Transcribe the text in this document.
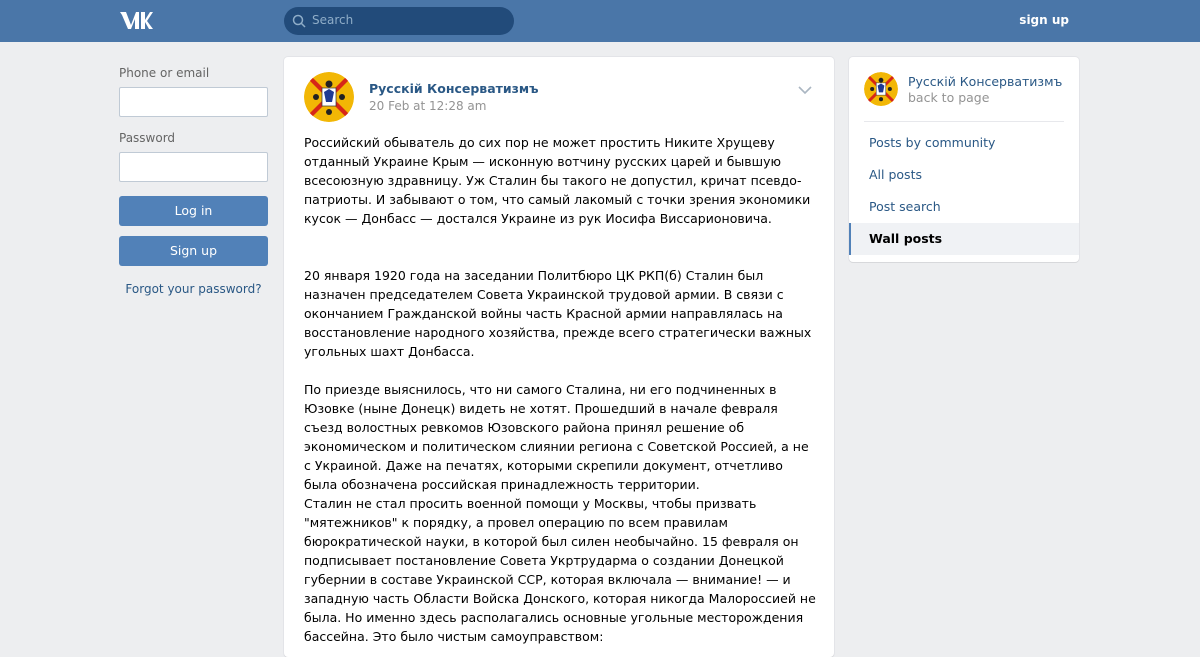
Search	sign up
Phone or email
Password
Log in
Sign up
Forgot your password?
Русскій Консерватизмъ
20 Feb at 12:28 am

Российский обыватель до сих пор не может простить Никите Хрущеву отданный Украине Крым — исконную вотчину русских царей и бывшую всесоюзную здравницу. Уж Сталин бы такого не допустил, кричат псевдо-патриоты. И забывают о том, что самый лакомый с точки зрения экономики кусок — Донбасс — достался Украине из рук Иосифа Виссарионовича.

20 января 1920 года на заседании Политбюро ЦК РКП(б) Сталин был назначен председателем Совета Украинской трудовой армии. В связи с окончанием Гражданской войны часть Красной армии направлялась на восстановление народного хозяйства, прежде всего стратегически важных угольных шахт Донбасса.

По приезде выяснилось, что ни самого Сталина, ни его подчиненных в Юзовке (ныне Донецк) видеть не хотят. Прошедший в начале февраля съезд волостных ревкомов Юзовского района принял решение об экономическом и политическом слиянии региона с Советской Россией, а не с Украиной. Даже на печатях, которыми скрепили документ, отчетливо была обозначена российская принадлежность территории.

Сталин не стал просить военной помощи у Москвы, чтобы призвать "мятежников" к порядку, а провел операцию по всем правилам бюрократической науки, в которой был силен необычайно. 15 февраля он подписывает постановление Совета Укртрударма о создании Донецкой губернии в составе Украинской ССР, которая включала — внимание! — и западную часть Области Войска Донского, которая никогда Малороссией не была. Но именно здесь располагались основные угольные месторождения бассейна. Это было чистым самоуправством:

Русскій Консерватизмъ
back to page
Posts by community
All posts
Post search
Wall posts
